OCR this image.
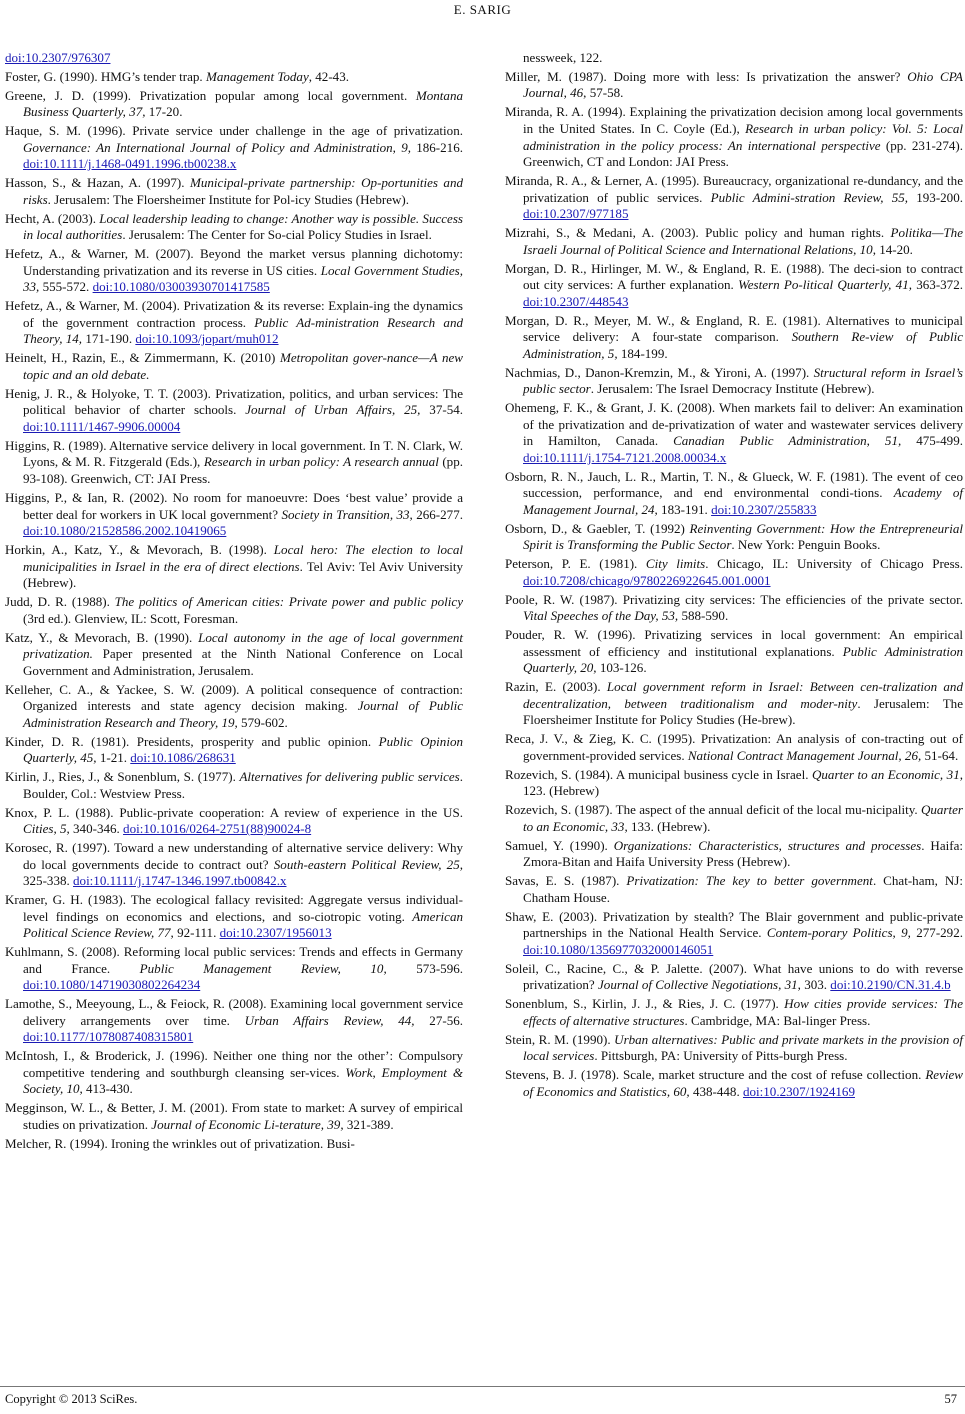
E. SARIG

doi:10.2307/976307

Foster, G. (1990). HMG’s tender trap. Management Today, 42-43.

Greene, J. D. (1999). Privatization popular among local government. Montana Business Quarterly, 37, 17-20.

Haque, S. M. (1996). Private service under challenge in the age of privatization. Governance: An International Journal of Policy and Administration, 9, 186-216. doi:10.1111/j.1468-0491.1996.tb00238.x

Hasson, S., & Hazan, A. (1997). Municipal-private partnership: Op-portunities and risks. Jerusalem: The Floersheimer Institute for Pol-icy Studies (Hebrew).

Hecht, A. (2003). Local leadership leading to change: Another way is possible. Success in local authorities. Jerusalem: The Center for So-cial Policy Studies in Israel.

Hefetz, A., & Warner, M. (2007). Beyond the market versus planning dichotomy: Understanding privatization and its reverse in US cities. Local Government Studies, 33, 555-572. doi:10.1080/03003930701417585

Hefetz, A., & Warner, M. (2004). Privatization & its reverse: Explain-ing the dynamics of the government contraction process. Public Ad-ministration Research and Theory, 14, 171-190. doi:10.1093/jopart/muh012

Heinelt, H., Razin, E., & Zimmermann, K. (2010) Metropolitan gover-nance—A new topic and an old debate.

Henig, J. R., & Holyoke, T. T. (2003). Privatization, politics, and urban services: The political behavior of charter schools. Journal of Urban Affairs, 25, 37-54. doi:10.1111/1467-9906.00004

Higgins, R. (1989). Alternative service delivery in local government. In T. N. Clark, W. Lyons, & M. R. Fitzgerald (Eds.), Research in urban policy: A research annual (pp. 93-108). Greenwich, CT: JAI Press.

Higgins, P., & Ian, R. (2002). No room for manoeuvre: Does ‘best value’ provide a better deal for workers in UK local government? Society in Transition, 33, 266-277. doi:10.1080/21528586.2002.10419065

Horkin, A., Katz, Y., & Mevorach, B. (1998). Local hero: The election to local municipalities in Israel in the era of direct elections. Tel Aviv: Tel Aviv University (Hebrew).

Judd, D. R. (1988). The politics of American cities: Private power and public policy (3rd ed.). Glenview, IL: Scott, Foresman.

Katz, Y., & Mevorach, B. (1990). Local autonomy in the age of local government privatization. Paper presented at the Ninth National Conference on Local Government and Administration, Jerusalem.

Kelleher, C. A., & Yackee, S. W. (2009). A political consequence of contraction: Organized interests and state agency decision making. Journal of Public Administration Research and Theory, 19, 579-602.

Kinder, D. R. (1981). Presidents, prosperity and public opinion. Public Opinion Quarterly, 45, 1-21. doi:10.1086/268631

Kirlin, J., Ries, J., & Sonenblum, S. (1977). Alternatives for delivering public services. Boulder, Col.: Westview Press.

Knox, P. L. (1988). Public-private cooperation: A review of experience in the US. Cities, 5, 340-346. doi:10.1016/0264-2751(88)90024-8

Korosec, R. (1997). Toward a new understanding of alternative service delivery: Why do local governments decide to contract out? South-eastern Political Review, 25, 325-338. doi:10.1111/j.1747-1346.1997.tb00842.x

Kramer, G. H. (1983). The ecological fallacy revisited: Aggregate versus individual-level findings on economics and elections, and so-ciotropic voting. American Political Science Review, 77, 92-111. doi:10.2307/1956013

Kuhlmann, S. (2008). Reforming local public services: Trends and effects in Germany and France. Public Management Review, 10, 573-596. doi:10.1080/14719030802264234

Lamothe, S., Meeyoung, L., & Feiock, R. (2008). Examining local government service delivery arrangements over time. Urban Affairs Review, 44, 27-56. doi:10.1177/1078087408315801

McIntosh, I., & Broderick, J. (1996). Neither one thing nor the other’: Compulsory competitive tendering and southburgh cleansing ser-vices. Work, Employment & Society, 10, 413-430.

Megginson, W. L., & Better, J. M. (2001). From state to market: A survey of empirical studies on privatization. Journal of Economic Li-terature, 39, 321-389.

Melcher, R. (1994). Ironing the wrinkles out of privatization. Busi-

nessweek, 122.

Miller, M. (1987). Doing more with less: Is privatization the answer? Ohio CPA Journal, 46, 57-58.

Miranda, R. A. (1994). Explaining the privatization decision among local governments in the United States. In C. Coyle (Ed.), Research in urban policy: Vol. 5: Local administration in the policy process: An international perspective (pp. 231-274). Greenwich, CT and London: JAI Press.

Miranda, R. A., & Lerner, A. (1995). Bureaucracy, organizational re-dundancy, and the privatization of public services. Public Admini-stration Review, 55, 193-200. doi:10.2307/977185

Mizrahi, S., & Medani, A. (2003). Public policy and human rights. Politika—The Israeli Journal of Political Science and International Relations, 10, 14-20.

Morgan, D. R., Hirlinger, M. W., & England, R. E. (1988). The deci-sion to contract out city services: A further explanation. Western Po-litical Quarterly, 41, 363-372. doi:10.2307/448543

Morgan, D. R., Meyer, M. W., & England, R. E. (1981). Alternatives to municipal service delivery: A four-state comparison. Southern Re-view of Public Administration, 5, 184-199.

Nachmias, D., Danon-Kremzin, M., & Yironi, A. (1997). Structural reform in Israel’s public sector. Jerusalem: The Israel Democracy Institute (Hebrew).

Ohemeng, F. K., & Grant, J. K. (2008). When markets fail to deliver: An examination of the privatization and de-privatization of water and wastewater services delivery in Hamilton, Canada. Canadian Public Administration, 51, 475-499. doi:10.1111/j.1754-7121.2008.00034.x

Osborn, R. N., Jauch, L. R., Martin, T. N., & Glueck, W. F. (1981). The event of ceo succession, performance, and end environmental condi-tions. Academy of Management Journal, 24, 183-191. doi:10.2307/255833

Osborn, D., & Gaebler, T. (1992) Reinventing Government: How the Entrepreneurial Spirit is Transforming the Public Sector. New York: Penguin Books.

Peterson, P. E. (1981). City limits. Chicago, IL: University of Chicago Press. doi:10.7208/chicago/9780226922645.001.0001

Poole, R. W. (1987). Privatizing city services: The efficiencies of the private sector. Vital Speeches of the Day, 53, 588-590.

Pouder, R. W. (1996). Privatizing services in local government: An empirical assessment of efficiency and institutional explanations. Public Administration Quarterly, 20, 103-126.

Razin, E. (2003). Local government reform in Israel: Between cen-tralization and decentralization, between traditionalism and moder-nity. Jerusalem: The Floersheimer Institute for Policy Studies (He-brew).

Reca, J. V., & Zieg, K. C. (1995). Privatization: An analysis of con-tracting out of government-provided services. National Contract Management Journal, 26, 51-64.

Rozevich, S. (1984). A municipal business cycle in Israel. Quarter to an Economic, 31, 123. (Hebrew)

Rozevich, S. (1987). The aspect of the annual deficit of the local mu-nicipality. Quarter to an Economic, 33, 133. (Hebrew).

Samuel, Y. (1990). Organizations: Characteristics, structures and processes. Haifa: Zmora-Bitan and Haifa University Press (Hebrew).

Savas, E. S. (1987). Privatization: The key to better government. Chat-ham, NJ: Chatham House.

Shaw, E. (2003). Privatization by stealth? The Blair government and public-private partnerships in the National Health Service. Contem-porary Politics, 9, 277-292. doi:10.1080/1356977032000146051

Soleil, C., Racine, C., & P. Jalette. (2007). What have unions to do with reverse privatization? Journal of Collective Negotiations, 31, 303. doi:10.2190/CN.31.4.b

Sonenblum, S., Kirlin, J. J., & Ries, J. C. (1977). How cities provide services: The effects of alternative structures. Cambridge, MA: Bal-linger Press.

Stein, R. M. (1990). Urban alternatives: Public and private markets in the provision of local services. Pittsburgh, PA: University of Pitts-burgh Press.

Stevens, B. J. (1978). Scale, market structure and the cost of refuse collection. Review of Economics and Statistics, 60, 438-448. doi:10.2307/1924169

Copyright © 2013 SciRes.	57
